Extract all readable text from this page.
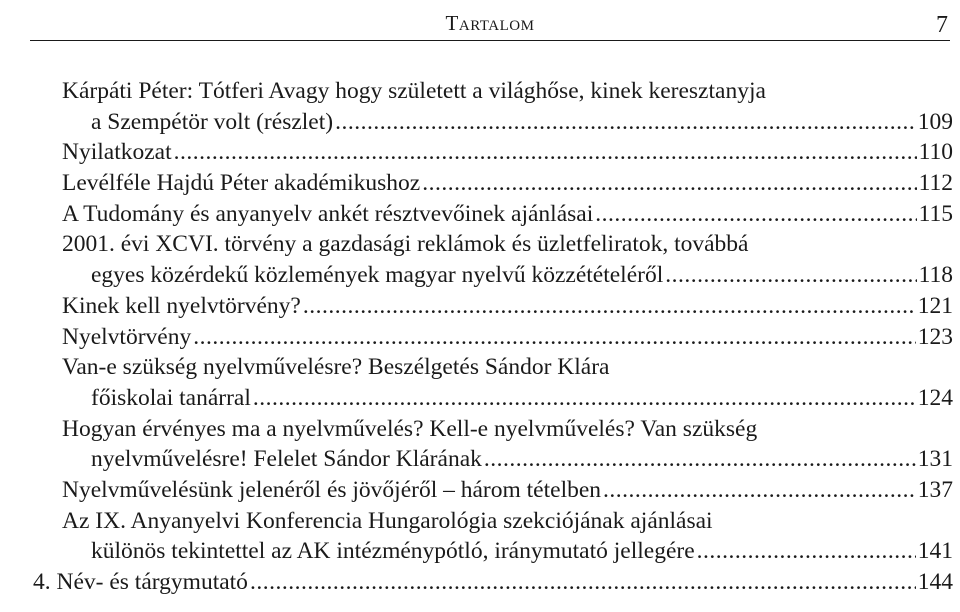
Tartalom	7
Kárpáti Péter: Tótferi Avagy hogy született a világhőse, kinek keresztanyja
a Szempétör volt (részlet) .....	109
Nyilatkozat .....	110
Levélféle Hajdú Péter akadémikushoz .....	112
A Tudomány és anyanyelv ankét résztvevőinek ajánlásai .....	115
2001. évi XCVI. törvény a gazdasági reklámok és üzletfeliratok, továbbá
egyes közérdekű közlemények magyar nyelvű közzétételéről .....	118
Kinek kell nyelvtörvény? .....	121
Nyelvtörvény .....	123
Van-e szükség nyelvművelésre? Beszélgetés Sándor Klára
főiskolai tanárral .....	124
Hogyan érvényes ma a nyelvművelés? Kell-e nyelvművelés? Van szükség
nyelvművelésre! Felelet Sándor Klárának .....	131
Nyelvművelésünk jelenéről és jövőjéről – három tételben .....	137
Az IX. Anyanyelvi Konferencia Hungarológia szekciójának ajánlásai
különös tekintettel az AK intézménypótló, iránymutató jellegére .....	141
4. Név- és tárgymutató .....	144
